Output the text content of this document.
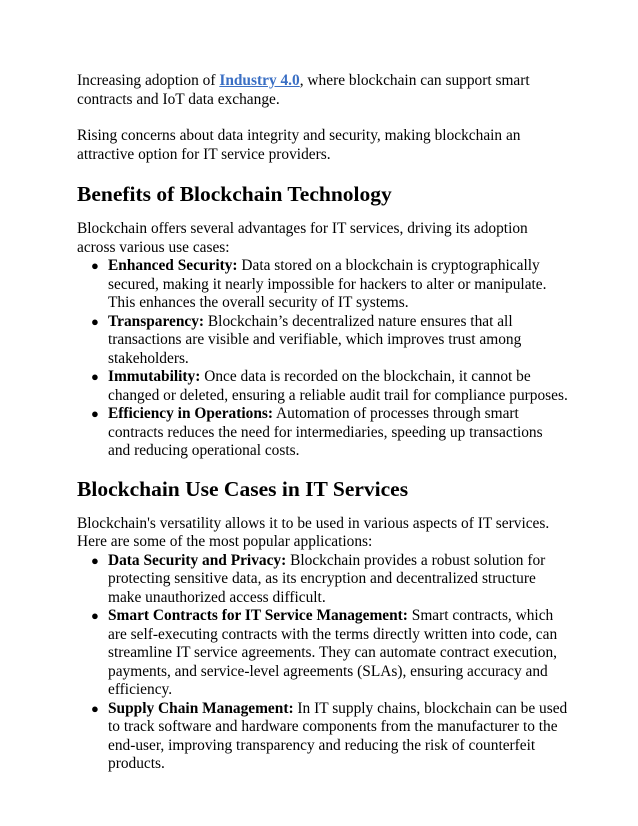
Increasing adoption of Industry 4.0, where blockchain can support smart contracts and IoT data exchange.

Rising concerns about data integrity and security, making blockchain an attractive option for IT service providers.

Benefits of Blockchain Technology

Blockchain offers several advantages for IT services, driving its adoption across various use cases:

● Enhanced Security: Data stored on a blockchain is cryptographically secured, making it nearly impossible for hackers to alter or manipulate. This enhances the overall security of IT systems.
● Transparency: Blockchain’s decentralized nature ensures that all transactions are visible and verifiable, which improves trust among stakeholders.
● Immutability: Once data is recorded on the blockchain, it cannot be changed or deleted, ensuring a reliable audit trail for compliance purposes.
● Efficiency in Operations: Automation of processes through smart contracts reduces the need for intermediaries, speeding up transactions and reducing operational costs.
Blockchain Use Cases in IT Services

Blockchain's versatility allows it to be used in various aspects of IT services. Here are some of the most popular applications:

● Data Security and Privacy: Blockchain provides a robust solution for protecting sensitive data, as its encryption and decentralized structure make unauthorized access difficult.
● Smart Contracts for IT Service Management: Smart contracts, which are self-executing contracts with the terms directly written into code, can streamline IT service agreements. They can automate contract execution, payments, and service-level agreements (SLAs), ensuring accuracy and efficiency.
● Supply Chain Management: In IT supply chains, blockchain can be used to track software and hardware components from the manufacturer to the end-user, improving transparency and reducing the risk of counterfeit products.
